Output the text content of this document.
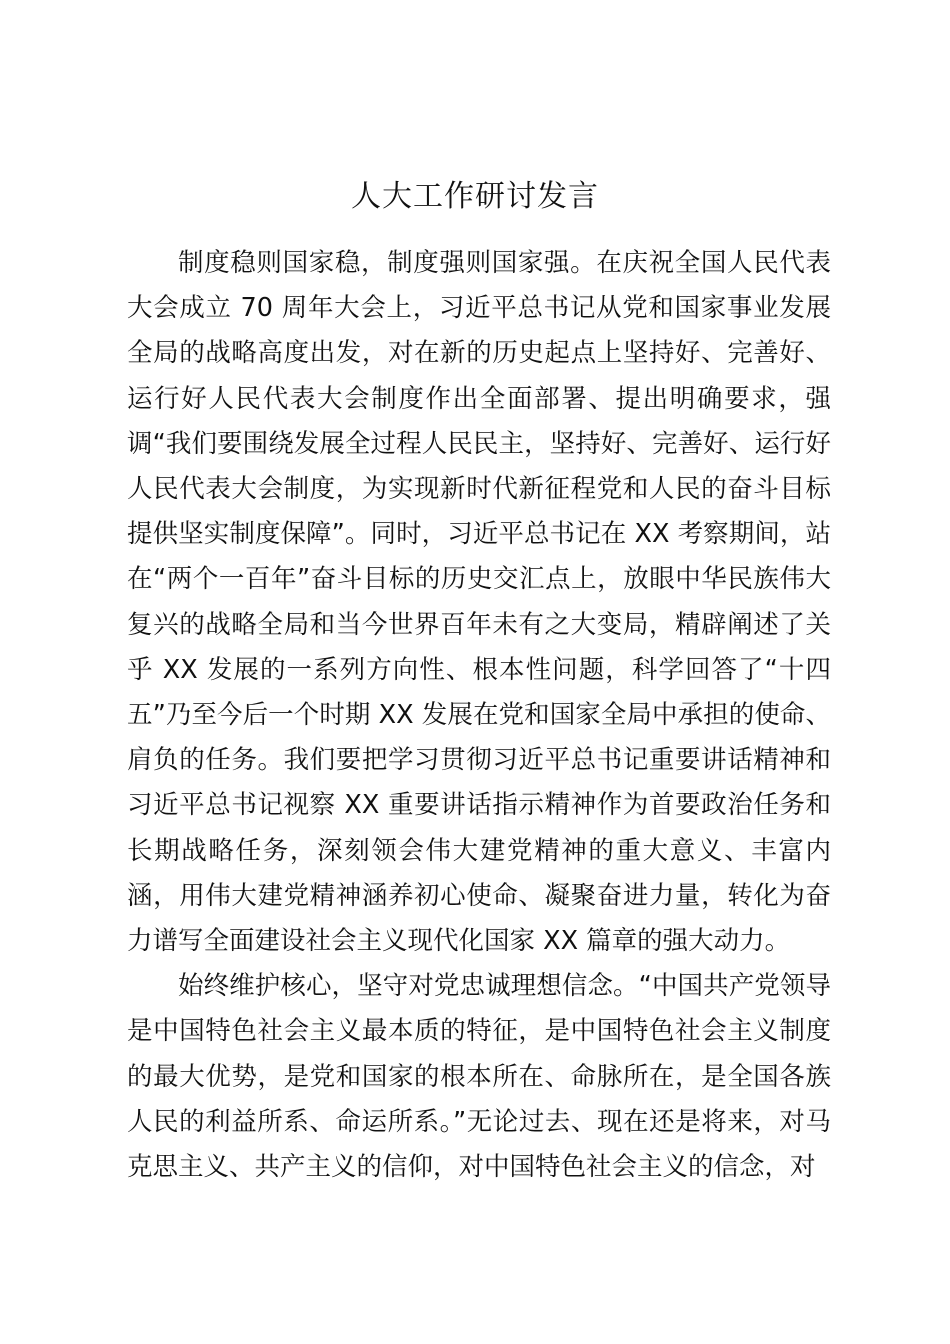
人大工作研讨发言

制度稳则国家稳，制度强则国家强。在庆祝全国人民代表大会成立 70 周年大会上，习近平总书记从党和国家事业发展全局的战略高度出发，对在新的历史起点上坚持好、完善好、运行好人民代表大会制度作出全面部署、提出明确要求，强调“我们要围绕发展全过程人民民主，坚持好、完善好、运行好人民代表大会制度，为实现新时代新征程党和人民的奋斗目标提供坚实制度保障”。同时，习近平总书记在 XX 考察期间，站在“两个一百年”奋斗目标的历史交汇点上，放眼中华民族伟大复兴的战略全局和当今世界百年未有之大变局，精辟阐述了关乎 XX 发展的一系列方向性、根本性问题，科学回答了“十四五”乃至今后一个时期 XX 发展在党和国家全局中承担的使命、肩负的任务。我们要把学习贯彻习近平总书记重要讲话精神和习近平总书记视察 XX 重要讲话指示精神作为首要政治任务和长期战略任务，深刻领会伟大建党精神的重大意义、丰富内涵，用伟大建党精神涵养初心使命、凝聚奋进力量，转化为奋力谱写全面建设社会主义现代化国家 XX 篇章的强大动力。

始终维护核心，坚守对党忠诚理想信念。“中国共产党领导是中国特色社会主义最本质的特征，是中国特色社会主义制度的最大优势，是党和国家的根本所在、命脉所在，是全国各族人民的利益所系、命运所系。”无论过去、现在还是将来，对马克思主义、共产主义的信仰，对中国特色社会主义的信念，对
